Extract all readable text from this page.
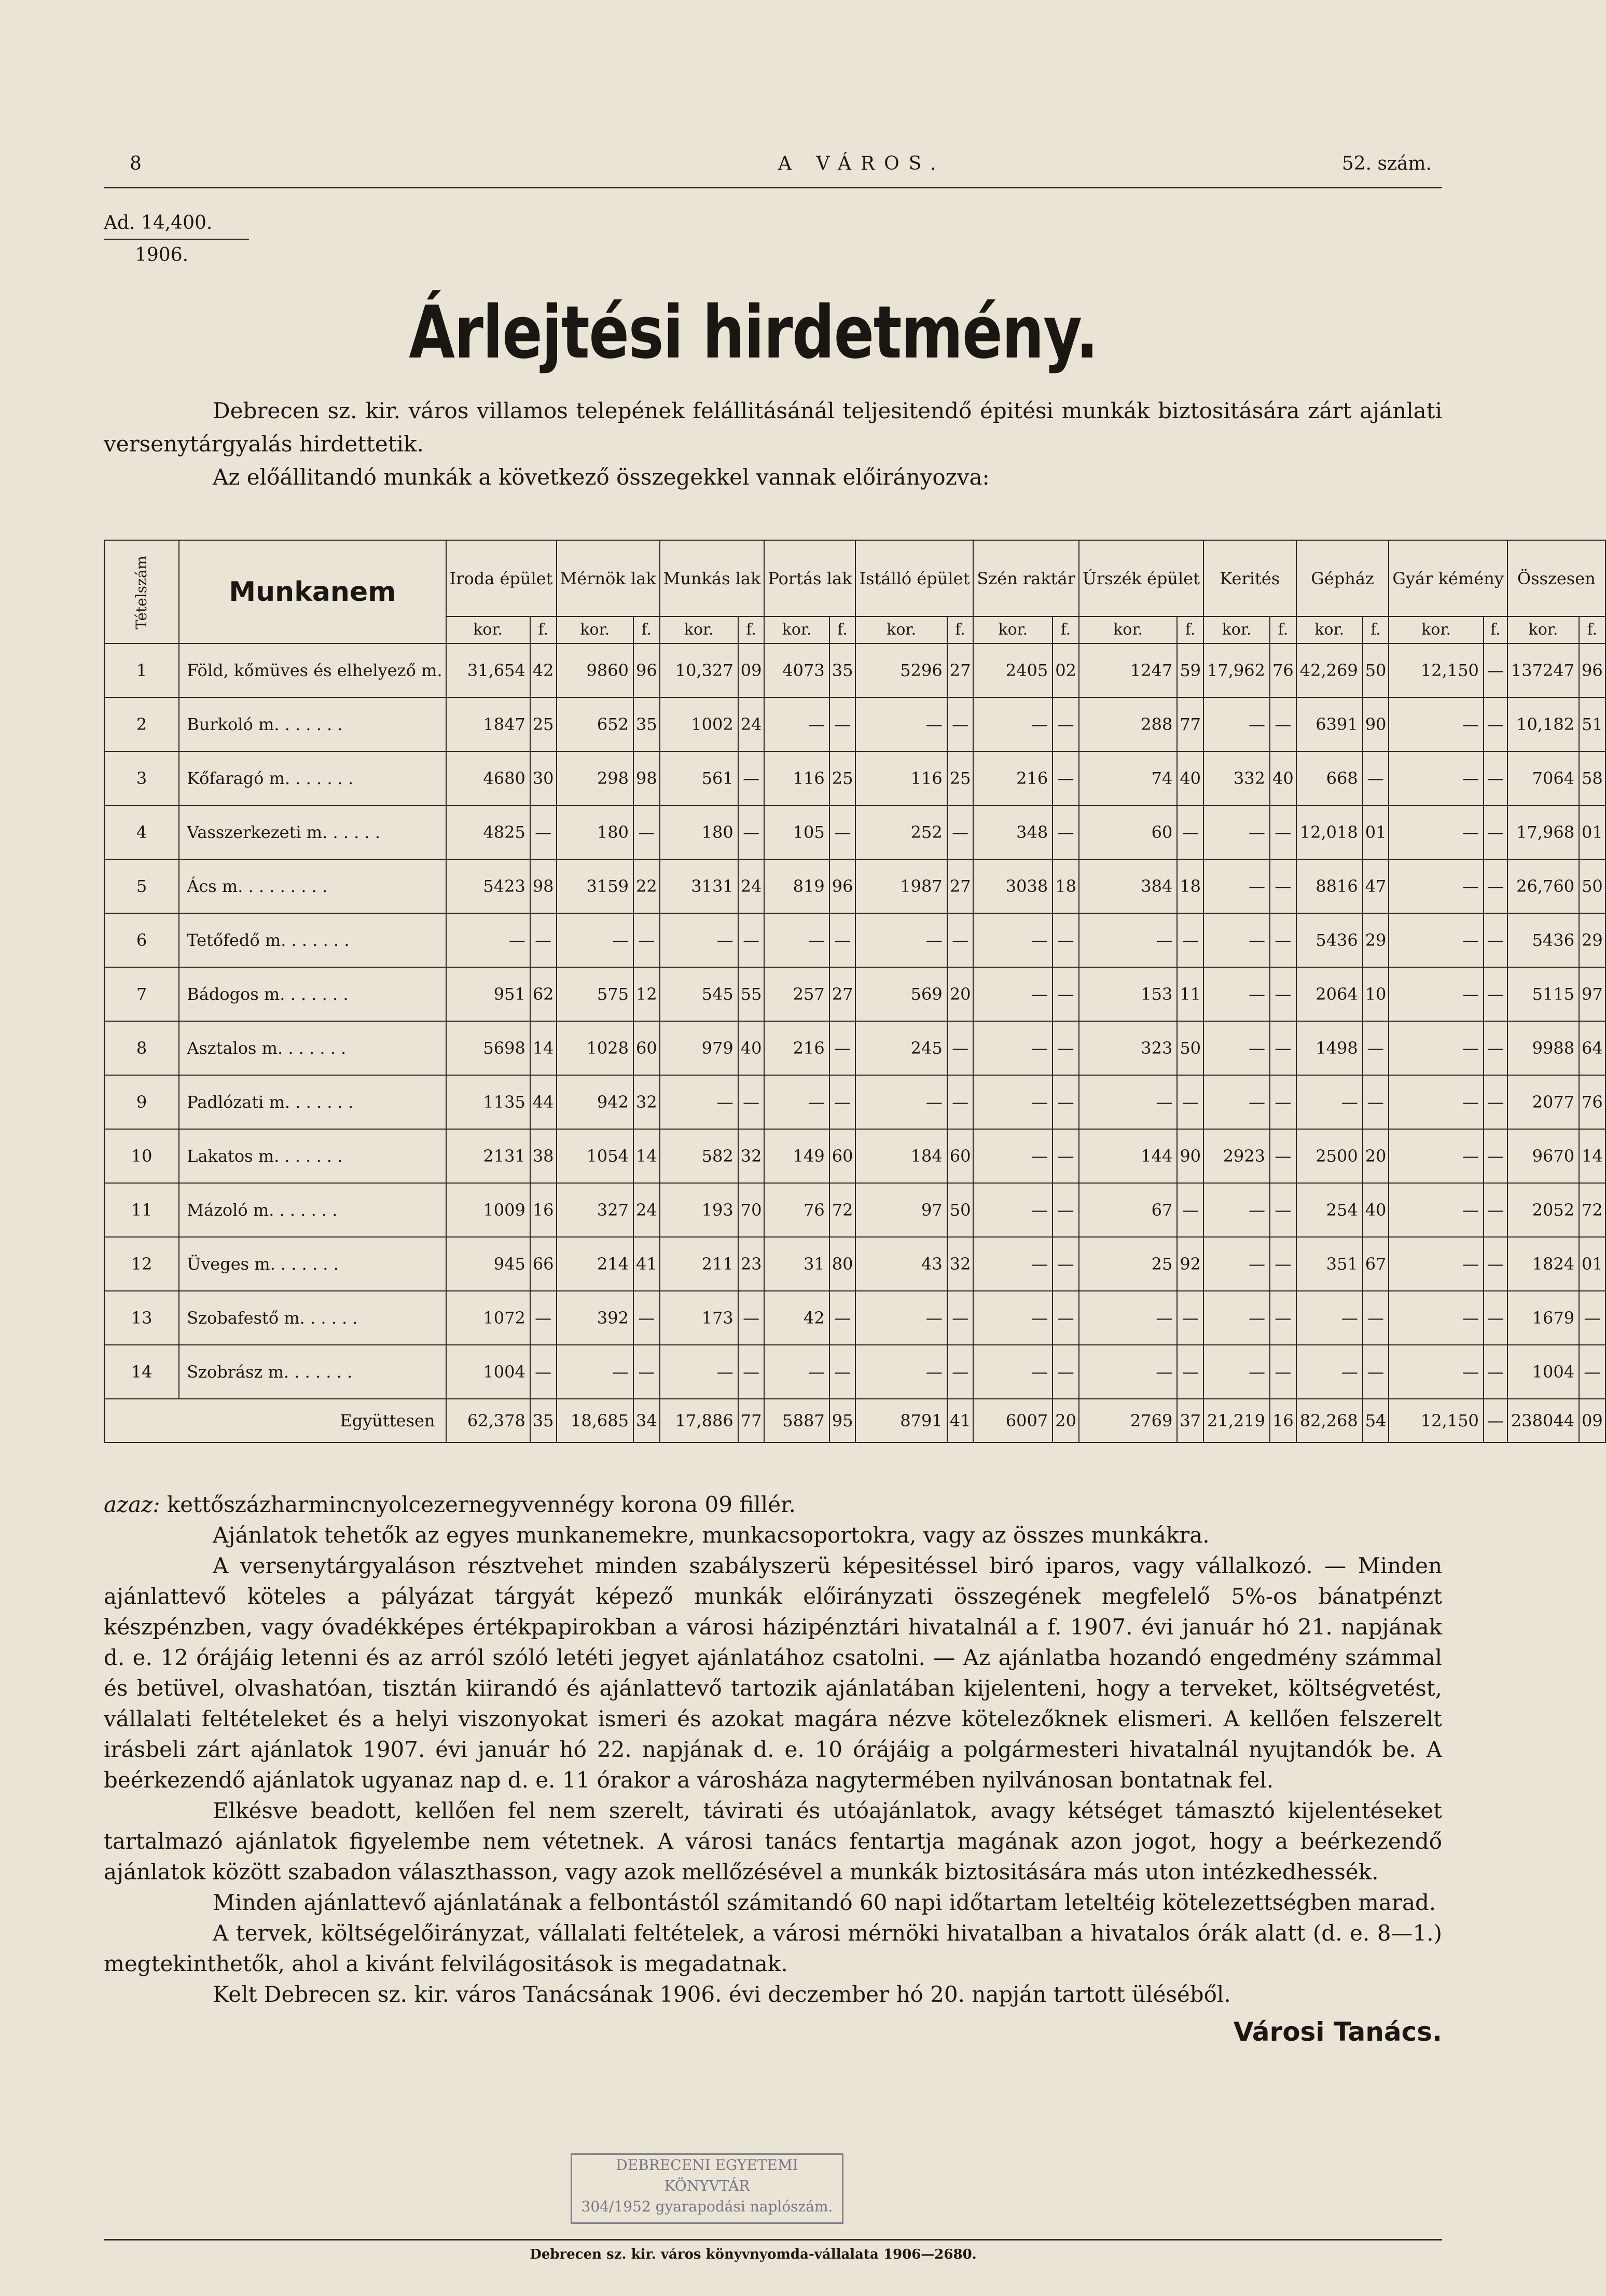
8	A VÁROS.	52. szám.
Ad. 14,400.
1906.
Árlejtési hirdetmény.

Debrecen sz. kir. város villamos telepének felállitásánál teljesitendő épitési munkák biztositására zárt ajánlati versenytárgyalás hirdettetik.

Az előállitandó munkák a következő összegekkel vannak előirányozva:

Tételszám	Munkanem	Iroda épület		Mérnök lak		Munkás lak		Portás lak		Istálló épület		Szén raktár		Úrszék épület		Kerités		Gépház		Gyár kémény		Összesen	
		kor.	f.	kor.	f.	kor.	f.	kor.	f.	kor.	f.	kor.	f.	kor.	f.	kor.	f.	kor.	f.	kor.	f.	kor.	f.
1	Föld, kőmüves és elhelyező m.	31,654	42	9860	96	10,327	09	4073	35	5296	27	2405	02	1247	59	17,962	76	42,269	50	12,150	—	137247	96
2	Burkoló m. . . . . . .	1847	25	652	35	1002	24	—	—	—	—	—	—	288	77	—	—	6391	90	—	—	10,182	51
3	Kőfaragó m. . . . . . .	4680	30	298	98	561	—	116	25	116	25	216	—	74	40	332	40	668	—	—	—	7064	58
4	Vasszerkezeti m. . . . . .	4825	—	180	—	180	—	105	—	252	—	348	—	60	—	—	—	12,018	01	—	—	17,968	01
5	Ács m. . . . . . . . .	5423	98	3159	22	3131	24	819	96	1987	27	3038	18	384	18	—	—	8816	47	—	—	26,760	50
6	Tetőfedő m. . . . . . .	—	—	—	—	—	—	—	—	—	—	—	—	—	—	—	—	5436	29	—	—	5436	29
7	Bádogos m. . . . . . .	951	62	575	12	545	55	257	27	569	20	—	—	153	11	—	—	2064	10	—	—	5115	97
8	Asztalos m. . . . . . .	5698	14	1028	60	979	40	216	—	245	—	—	—	323	50	—	—	1498	—	—	—	9988	64
9	Padlózati m. . . . . . .	1135	44	942	32	—	—	—	—	—	—	—	—	—	—	—	—	—	—	—	—	2077	76
10	Lakatos m. . . . . . .	2131	38	1054	14	582	32	149	60	184	60	—	—	144	90	2923	—	2500	20	—	—	9670	14
11	Mázoló m. . . . . . .	1009	16	327	24	193	70	76	72	97	50	—	—	67	—	—	—	254	40	—	—	2052	72
12	Üveges m. . . . . . .	945	66	214	41	211	23	31	80	43	32	—	—	25	92	—	—	351	67	—	—	1824	01
13	Szobafestő m. . . . . .	1072	—	392	—	173	—	42	—	—	—	—	—	—	—	—	—	—	—	—	—	1679	—
14	Szobrász m. . . . . . .	1004	—	—	—	—	—	—	—	—	—	—	—	—	—	—	—	—	—	—	—	1004	—
Együttesen		62,378	35	18,685	34	17,886	77	5887	95	8791	41	6007	20	2769	37	21,219	16	82,268	54	12,150	—	238044	09

azaz: kettőszázharmincnyolcezernegyvennégy korona 09 fillér.

Ajánlatok tehetők az egyes munkanemekre, munkacsoportokra, vagy az összes munkákra.

A versenytárgyaláson résztvehet minden szabályszerü képesitéssel biró iparos, vagy vállalkozó. — Minden ajánlattevő köteles a pályázat tárgyát képező munkák előirányzati összegének megfelelő 5%-os bánatpénzt készpénzben, vagy óvadékképes értékpapirokban a városi házipénztári hivatalnál a f. 1907. évi január hó 21. napjának d. e. 12 órájáig letenni és az arról szóló letéti jegyet ajánlatához csatolni. — Az ajánlatba hozandó engedmény számmal és betüvel, olvashatóan, tisztán kiirandó és ajánlattevő tartozik ajánlatában kijelenteni, hogy a terveket, költségvetést, vállalati feltételeket és a helyi viszonyokat ismeri és azokat magára nézve kötelezőknek elismeri. A kellően felszerelt irásbeli zárt ajánlatok 1907. évi január hó 22. napjának d. e. 10 órájáig a polgármesteri hivatalnál nyujtandók be. A beérkezendő ajánlatok ugyanaz nap d. e. 11 órakor a városháza nagytermében nyilvánosan bontatnak fel.

Elkésve beadott, kellően fel nem szerelt, távirati és utóajánlatok, avagy kétséget támasztó kijelentéseket tartalmazó ajánlatok figyelembe nem vétetnek. A városi tanács fentartja magának azon jogot, hogy a beérkezendő ajánlatok között szabadon választhasson, vagy azok mellőzésével a munkák biztositására más uton intézkedhessék.

Minden ajánlattevő ajánlatának a felbontástól számitandó 60 napi időtartam leteltéig kötelezettségben marad.

A tervek, költségelőirányzat, vállalati feltételek, a városi mérnöki hivatalban a hivatalos órák alatt (d. e. 8—1.) megtekinthetők, ahol a kivánt felvilágositások is megadatnak.

Kelt Debrecen sz. kir. város Tanácsának 1906. évi deczember hó 20. napján tartott üléséből.

Városi Tanács.

DEBRECENI EGYETEMI KÖNYVTÁR
304/1952 gyarapodási naplószám.
Debrecen sz. kir. város könyvnyomda-vállalata 1906—2680.
